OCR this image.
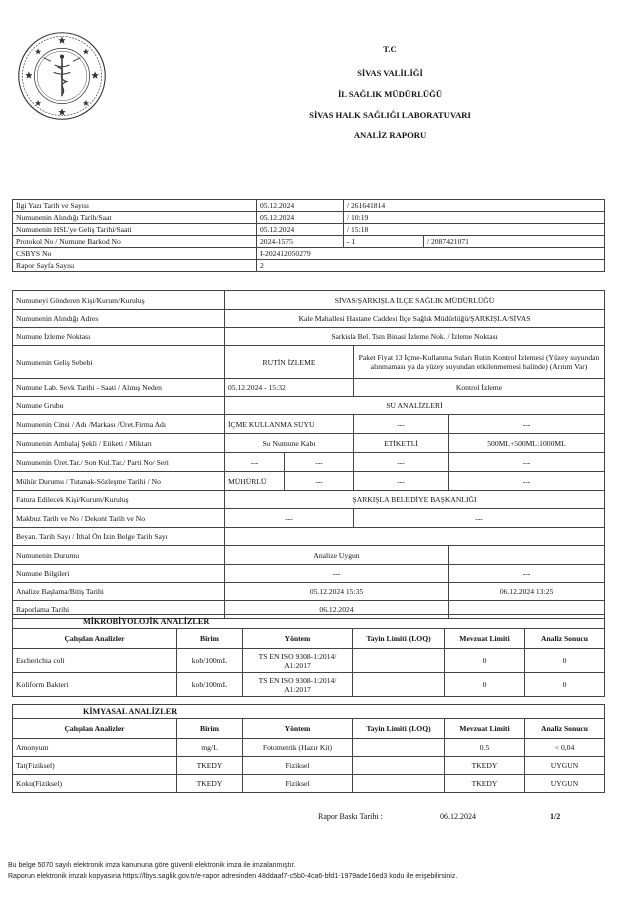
T.C
SİVAS VALİLİĞİ
İL SAĞLIK MÜDÜRLÜĞÜ
SİVAS HALK SAĞLIĞI LABORATUVARI
ANALİZ RAPORU
İlgi Yazı Tarih ve Sayısı	05.12.2024	/ 261641814	
Numunenin Alındığı Tarih/Saat	05.12.2024	/ 10:19	
Numunenin HSL'ye Geliş Tarihi/Saati	05.12.2024	/ 15:18	
Protokol No / Numune Barkod No	2024-1575	- 1	/ 2087421071
CSBYS No	I-202412050279		
Rapor Sayfa Sayısı	2		
Numuneyi Gönderen Kişi/Kurum/Kuruluş	SİVAS/ŞARKIŞLA İLÇE SAĞLIK MÜDÜRLÜĞÜ			
Numunenin Alındığı Adres	Kale Mahallesi Hastane Caddesi İlçe Sağlık Müdürlüğü/ŞARKIŞLA/SİVAS			
Numune İzleme Noktası	Sarkisla Bel. Tsm Binasi İzleme Nok. / İzleme Noktası			
Numunenin Geliş Sebebi	RUTİN İZLEME		Paket Fiyat 13 İçme-Kullanma Suları Rutin Kontrol İzlemesi (Yüzey suyundan alınmaması ya da yüzey suyundan etkilenmemesi halinde) (Arıtım Var)	
Numune Lab. Sevk Tarihi - Saati / Alınış Neden	05.12.2024 - 15:32		Kontrol İzleme	
Numune Grubu	SU ANALİZLERİ			
Numunenin Cinsi / Adı /Markası /Üret.Firma Adı	İÇME KULLANMA SUYU		---	---
Numunenin Ambalaj Şekli / Etiketi / Miktarı	Su Numune Kabı		ETİKETLİ	500ML+500ML:1000ML
Numunenin Üret.Tar./ Son Kul.Tar./ Parti No/ Seri	---	---	---	---
Mühür Durumu / Tutanak-Sözleşme Tarihi / No	MÜHÜRLÜ	---	---	---
Fatura Edilecek Kişi/Kurum/Kuruluş	ŞARKIŞLA BELEDİYE BAŞKANLIĞI			
Makbuz Tarih ve No / Dekont Tarih ve No	---		---	
Beyan. Tarih Sayı / İthal Ön İzin Belge Tarih Sayı				
Numunenin Durumu	Analize Uygun			
Numune Bilgileri	---			---
Analize Başlama/Bitiş Tarihi	05.12.2024 15:35			06.12.2024 13:25
Raporlama Tarihi	06.12.2024			
MİKROBİYOLOJİK ANALİZLER					
Çalışılan Analizler	Birim	Yöntem	Tayin Limiti (LOQ)	Mevzuat Limiti	Analiz Sonucu
Escherichia coli	kob/100mL	TS EN ISO 9308-1:2014/ A1:2017		0	0
Koliform Bakteri	kob/100mL	TS EN ISO 9308-1:2014/ A1:2017		0	0
KİMYASAL ANALİZLER					
Çalışılan Analizler	Birim	Yöntem	Tayin Limiti (LOQ)	Mevzuat Limiti	Analiz Sonucu
Amonyum	mg/L	Fotometrik (Hazır Kit)		0.5	< 0,04
Tat(Fiziksel)	TKEDY	Fiziksel		TKEDY	UYGUN
Koku(Fiziksel)	TKEDY	Fiziksel		TKEDY	UYGUN
Rapor Baskı Tarihi :	06.12.2024	1/2
Bu belge 5070 sayılı elektronik imza kanununa göre güvenli elektronik imza ile imzalanmıştır.
Raporun elektronik imzalı kopyasına https://lbys.saglik.gov.tr/e-rapor adresinden 48ddaaf7-c5b0-4ca6-bfd1-1979ade16ed3 kodu ile erişebilirsiniz.
